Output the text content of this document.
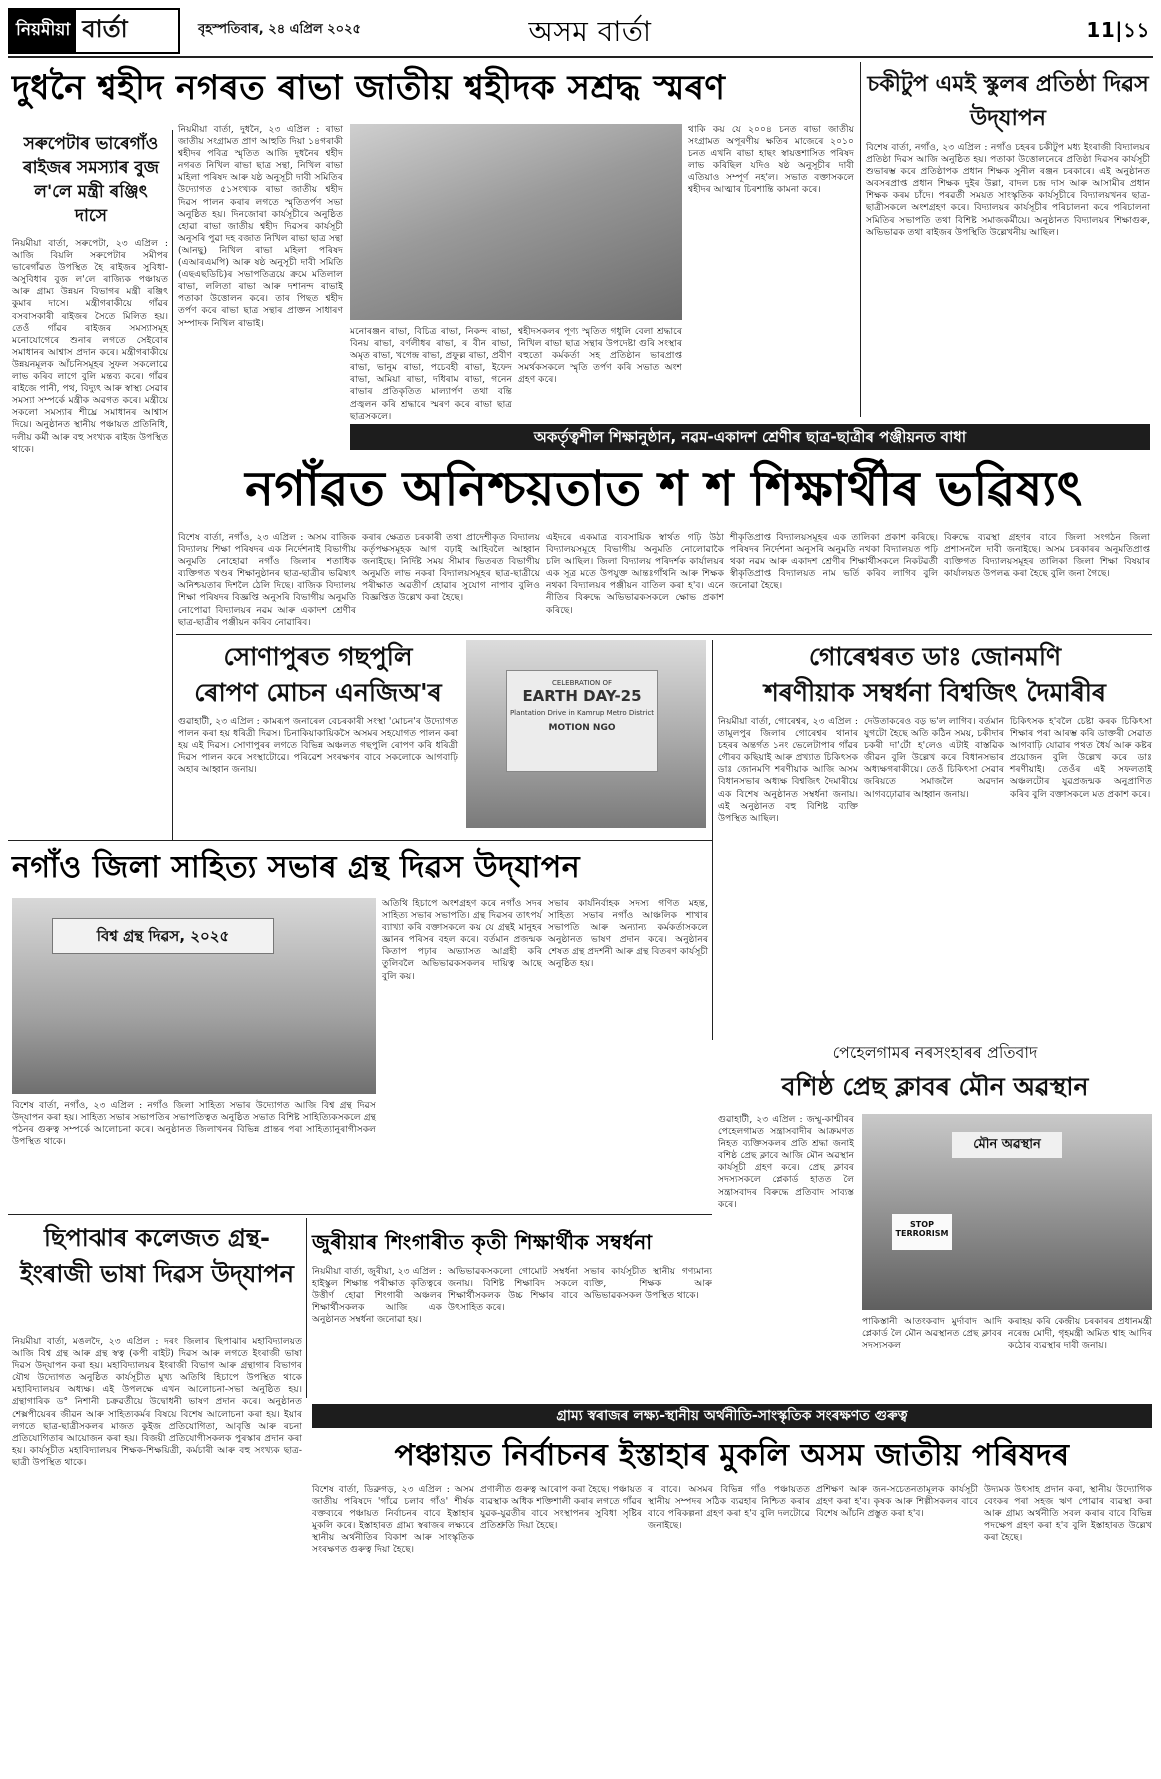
নিয়মীয়া বাৰ্তা	বৃহস্পতিবাৰ, ২৪ এপ্ৰিল ২০২৫	অসম বাৰ্তা	11|১১
দুধনৈ শ্বহীদ নগৰত ৰাভা জাতীয় শ্বহীদক সশ্ৰদ্ধ স্মৰণ
সৰুপেটাৰ ভাৰেগাঁও ৰাইজৰ সমস্যাৰ বুজ ল'লে মন্ত্ৰী ৰঞ্জিৎ দাসে
নিয়মীয়া বাৰ্তা, সৰুপেটা, ২৩ এপ্ৰিল : আজি বিয়লি সৰুপেটাৰ সমীপৰ ভাৰেগাঁৱত উপস্থিত হৈ ৰাইজৰ সুবিধা-অসুবিধাৰ বুজ ল'লে ৰাজ্যিক পঞ্চায়ত আৰু গ্ৰাম্য উন্নয়ন বিভাগৰ মন্ত্ৰী ৰঞ্জিৎ কুমাৰ দাসে। মন্ত্ৰীগৰাকীয়ে গাঁৱৰ বসবাসকাৰী ৰাইজৰ সৈতে মিলিত হয়। তেওঁ গাঁৱৰ ৰাইজৰ সমস্যাসমূহ মনোযোগেৰে শুনাৰ লগতে সেইবোৰ সমাধানৰ আশ্বাস প্ৰদান কৰে। মন্ত্ৰীগৰাকীয়ে উন্নয়নমূলক আঁচনিসমূহৰ সুফল সকলোৱে লাভ কৰিব লাগে বুলি মন্তব্য কৰে। গাঁৱৰ ৰাইজে পানী, পথ, বিদ্যুৎ আৰু স্বাস্থ্য সেৱাৰ সমস্যা সম্পৰ্কে মন্ত্ৰীক অৱগত কৰে। মন্ত্ৰীয়ে সকলো সমস্যাৰ শীঘ্ৰে সমাধানৰ আশ্বাস দিয়ে। অনুষ্ঠানত স্থানীয় পঞ্চায়ত প্ৰতিনিধি, দলীয় কৰ্মী আৰু বহু সংখ্যক ৰাইজ উপস্থিত থাকে।
নিয়মীয়া বাৰ্তা, দুধনৈ, ২৩ এপ্ৰিল : ৰাভা জাতীয় সংগ্ৰামত প্ৰাণ আহুতি দিয়া ১৪গৰাকী শ্বহীদৰ পবিত্ৰ স্মৃতিত আজি দুধনৈৰ শ্বহীদ নগৰত নিখিল ৰাভা ছাত্ৰ সন্থা, নিখিল ৰাভা মহিলা পৰিষদ আৰু যষ্ঠ অনুসূচী দাবী সমিতিৰ উদ্যোগত ৫১সংখ্যক ৰাভা জাতীয় শ্বহীদ দিৱস পালন কৰাৰ লগতে স্মৃতিতৰ্পণ সভা অনুষ্ঠিত হয়। দিনজোৰা কাৰ্যসূচীৰে অনুষ্ঠিত হোৱা ৰাভা জাতীয় শ্বহীদ দিৱসৰ কাৰ্যসূচী অনুসৰি পুৱা দহ বজাত নিখিল ৰাভা ছাত্ৰ সন্থা (আনছু) নিখিল ৰাভা মহিলা পৰিষদ (এআৰএমপি) আৰু ষষ্ঠ অনুসূচী দাবী সমিতি (এছএছডিচি)ৰ সভাপতিত্ৰয়ে ক্ৰমে মতিলাল ৰাভা, ললিতা ৰাভা আৰু দশানন্দ ৰাভাই পতাকা উত্তোলন কৰে। তাৰ পিছত শ্বহীদ তৰ্পণ কৰে ৰাভা ছাত্ৰ সন্থাৰ প্ৰাক্তন সাধাৰণ সম্পাদক নিখিল ৰাভাই।
মনোৰঞ্জন ৰাভা, বিচিত্ৰ ৰাভা, নিকন্দ ৰাভা, বিনয় ৰাভা, বৰ্ণলীধৰ ৰাভা, ৰ বীন ৰাভা, অমৃত ৰাভা, খগেন্দ্ৰ ৰাভা, প্ৰফুল্ল ৰাভা, প্ৰবীণ ৰাভা, ভানুম ৰাভা, পচেবহী ৰাভা, ইফেদ ৰাভা, অমিয়া ৰাভা, দধিৰাম ৰাভা, গনেন ৰাভাৰ প্ৰতিকৃতিত মাল্যাৰ্পণ তথা বন্তি প্ৰজ্বলন কৰি শ্ৰদ্ধাৰে স্মৰণ কৰে ৰাভা ছাত্ৰ ছাত্ৰসকলে।
শ্বহীদসকলৰ পূণ্য স্মৃতিত গধুলি বেলা শ্ৰদ্ধাৰে নিখিল ৰাভা ছাত্ৰ সন্থাৰ উপদেষ্টা গুৰি সংস্থাৰ বহুতো কৰ্মকৰ্তা সহ প্ৰতিষ্ঠান ভাৰপ্ৰাপ্ত সমৰ্থকসকলে স্মৃতি তৰ্পণ কৰি সভাত অংশ গ্ৰহণ কৰে।
থাকি কয় যে ২০০৪ চনত ৰাভা জাতীয় সংগ্ৰামত অপূৰণীয় ক্ষতিৰ মাজেৰে ২০১০ চনত এখনি ৰাভা হাছং স্বায়ত্তশাসিত পৰিষদ লাভ কৰিছিল যদিও ষষ্ঠ অনুসূচীৰ দাবী এতিয়াও সম্পূৰ্ণ নহ'ল। সভাত বক্তাসকলে শ্বহীদৰ আত্মাৰ চিৰশান্তি কামনা কৰে।
চকীটুপ এমই স্কুলৰ প্ৰতিষ্ঠা দিৱস উদ্‌যাপন
বিশেষ বাৰ্তা, নগাঁও, ২৩ এপ্ৰিল : নগাঁও চহৰৰ চকীটুপ মধ্য ইংৰাজী বিদ্যালয়ৰ প্ৰতিষ্ঠা দিৱস আজি অনুষ্ঠিত হয়। পতাকা উত্তোলনেৰে প্ৰতিষ্ঠা দিৱসৰ কাৰ্যসূচী শুভাৰম্ভ কৰে প্ৰতিষ্ঠাপক প্ৰধান শিক্ষক সুনীল ৰঞ্জন চৰকাৰে। এই অনুষ্ঠানত অবসৰপ্ৰাপ্ত প্ৰধান শিক্ষক দুইৰ উল্লা, বাদল চন্দ্ৰ দাস আৰু আসামীৰ প্ৰধান শিক্ষক কৰম চাঁদে। পৰৱৰ্তী সময়ত সাংস্কৃতিক কাৰ্যসূচীৰে বিদ্যালয়খনৰ ছাত্ৰ-ছাত্ৰীসকলে অংশগ্ৰহণ কৰে। বিদ্যালয়ৰ কাৰ্যসূচীৰ পৰিচালনা কৰে পৰিচালনা সমিতিৰ সভাপতি তথা বিশিষ্ট সমাজকৰ্মীয়ে। অনুষ্ঠানত বিদ্যালয়ৰ শিক্ষাগুৰু, অভিভাৱক তথা ৰাইজৰ উপস্থিতি উল্লেখনীয় আছিল।
অকৰ্তৃত্বশীল শিক্ষানুষ্ঠান, নৱম-একাদশ শ্ৰেণীৰ ছাত্ৰ-ছাত্ৰীৰ পঞ্জীয়নত বাধা
নগাঁৱত অনিশ্চয়তাত শ শ শিক্ষাৰ্থীৰ ভৱিষ্যৎ
বিশেষ বাৰ্তা, নগাঁও, ২৩ এপ্ৰিল : অসম বাজিক বিদ্যালয় শিক্ষা পৰিষদৰ এক নিৰ্দেশনাই বিভাগীয় অনুমতি নোহোৱা নগাঁও জিলাৰ শতাধিক ব্যক্তিগত খণ্ডৰ শিক্ষানুষ্ঠানৰ ছাত্ৰ-ছাত্ৰীৰ ভৱিষ্যৎ অনিশ্চয়তাৰ দিশলৈ ঠেলি দিছে। বাজিক বিদ্যালয় শিক্ষা পৰিষদৰ বিজ্ঞপ্তি অনুসৰি বিভাগীয় অনুমতি নোপোৱা বিদ্যালয়ৰ নৱম আৰু একাদশ শ্ৰেণীৰ ছাত্ৰ-ছাত্ৰীৰ পঞ্জীয়ন কৰিব নোৱাৰিব।
কৰাৰ ক্ষেত্ৰত চৰকাৰী তথা প্ৰাদেশীকৃত বিদ্যালয় কৰ্তৃপক্ষসমূহক আগ বঢ়াই আহিবলৈ আহ্বান জনাইছে। নিৰ্দিষ্ট সময় সীমাৰ ভিতৰত বিভাগীয় অনুমতি লাভ নকৰা বিদ্যালয়সমূহৰ ছাত্ৰ-ছাত্ৰীয়ে পৰীক্ষাত অৱতীৰ্ণ হোৱাৰ সুযোগ নাপাব বুলিও বিজ্ঞপ্তিত উল্লেখ কৰা হৈছে।
এইদৰে একমাত্ৰ ব্যবসায়িক স্বাৰ্থত গঢ়ি উঠা বিদ্যালয়সমূহে বিভাগীয় অনুমতি নোলোৱাকৈ চলি আছিল। জিলা বিদ্যালয় পৰিদৰ্শক কাৰ্যালয়ৰ এক সূত্ৰ মতে উপযুক্ত আন্তঃগাঁথনি আৰু শিক্ষক নথকা বিদ্যালয়ৰ পঞ্জীয়ন বাতিল কৰা হ'ব। এনে নীতিৰ বিৰুদ্ধে অভিভাৱকসকলে ক্ষোভ প্ৰকাশ কৰিছে।
শীকৃতিপ্ৰাপ্ত বিদ্যালয়সমূহৰ এক তালিকা প্ৰকাশ কৰিছে। পৰিষদৰ নিৰ্দেশনা অনুসৰি অনুমতি নথকা বিদ্যালয়ত পঢ়ি থকা নৱম আৰু একাদশ শ্ৰেণীৰ শিক্ষাৰ্থীসকলে নিকটৱৰ্তী স্বীকৃতিপ্ৰাপ্ত বিদ্যালয়ত নাম ভৰ্তি কৰিব লাগিব বুলি জনোৱা হৈছে।
বিৰুদ্ধে ব্যৱস্থা গ্ৰহণৰ বাবে জিলা সংগঠন জিলা প্ৰশাসনলৈ দাবী জনাইছে। অসম চৰকাৰৰ অনুমতিপ্ৰাপ্ত ব্যক্তিগত বিদ্যালয়সমূহৰ তালিকা জিলা শিক্ষা বিষয়াৰ কাৰ্যালয়ত উপলব্ধ কৰা হৈছে বুলি জনা গৈছে।
সোণাপুৰত গছপুলি
ৰোপণ মোচন এনজিঅ'ৰ
গুৱাহাটী, ২৩ এপ্ৰিল : কামৰূপ জনাৰেল বেচৰকাৰী সংস্থা 'মোচন'ৰ উদ্যোগত পালন কৰা হয় ধৰিত্ৰী দিৱস। চিনাকিয়াকায়িকসৈ অসমৰ সহযোগত পালন কৰা হয় এই দিৱস। সোণাপুৰৰ লগতে বিভিন্ন অঞ্চলত গছপুলি ৰোপণ কৰি ধৰিত্ৰী দিৱস পালন কৰে সংস্থাটোৱে। পৰিৱেশ সংৰক্ষণৰ বাবে সকলোকে আগবাঢ়ি অহাৰ আহ্বান জনায়।
CELEBRATION OF
EARTH DAY-25
Plantation Drive in Kamrup Metro District
MOTION NGO
গোৰেশ্বৰত ডাঃ জোনমণি
শৰণীয়াক সম্বৰ্ধনা বিশ্বজিৎ দৈমাৰীৰ
নিয়মীয়া বাৰ্তা, গোৰেশ্বৰ, ২৩ এপ্ৰিল : তামুলপুৰ জিলাৰ গোৰেশ্বৰ থানাৰ চহৰৰ অন্তৰ্গত ১নং ভেলেটাপাৰ গাঁৱৰ গৌৰব কছিয়াই আৰু প্ৰখ্যাত চিকিৎসক ডাঃ জোনমণি শৰণীয়াক আজি অসম বিধানসভাৰ অধ্যক্ষ বিশ্বজিৎ দৈমাৰীয়ে এক বিশেষ অনুষ্ঠানত সম্বৰ্ধনা জনায়। এই অনুষ্ঠানত বহু বিশিষ্ট ব্যক্তি উপস্থিত আছিল।
দেউতাকৰেও বড় ভ'ল লাগিব। বৰ্তমান যুগটো হৈছে অতি কঠিন সময়, চকীদাৰ চকৰী দা'ৰ্টো হ'লেও এটাই বাস্তৱিক জীৱন বুলি উল্লেখ কৰে বিধানসভাৰ অধ্যক্ষগৰাকীয়ে। তেওঁ চিকিৎসা সেৱাৰ জৰিয়তে সমাজলৈ অৱদান আগবঢ়োৱাৰ আহ্বান জনায়।
চিকিৎসক হ'বলৈ চেষ্টা কৰক চিকিৎসা শিক্ষাৰ পৰা আৰম্ভ কৰি ডাক্তৰী সেৱাত আগবাঢ়ি যোৱাৰ পথত ধৈৰ্য আৰু কষ্টৰ প্ৰয়োজন বুলি উল্লেখ কৰে ডাঃ শৰণীয়াই। তেওঁৰ এই সফলতাই অঞ্চলটোৰ যুৱপ্ৰজন্মক অনুপ্ৰাণিত কৰিব বুলি বক্তাসকলে মত প্ৰকাশ কৰে।
নগাঁও জিলা সাহিত্য সভাৰ গ্ৰন্থ দিৱস উদ্‌যাপন
বিশ্ব গ্ৰন্থ দিৱস, ২০২৫
বিশেষ বাৰ্তা, নগাঁও, ২৩ এপ্ৰিল : নগাঁও জিলা সাহিত্য সভাৰ উদ্যোগত আজি বিশ্ব গ্ৰন্থ দিৱস উদ্‌যাপন কৰা হয়। সাহিত্য সভাৰ সভাপতিৰ সভাপতিত্বত অনুষ্ঠিত সভাত বিশিষ্ট সাহিত্যিকসকলে গ্ৰন্থ পঠনৰ গুৰুত্ব সম্পৰ্কে আলোচনা কৰে। অনুষ্ঠানত জিলাখনৰ বিভিন্ন প্ৰান্তৰ পৰা সাহিত্যানুৰাগীসকল উপস্থিত থাকে।
অতিথি হিচাপে অংশগ্ৰহণ কৰে নগাঁও সদৰ সাহিত্য সভাৰ সভাপতি। গ্ৰন্থ দিৱসৰ তাৎপৰ্য ব্যাখ্যা কৰি বক্তাসকলে কয় যে গ্ৰন্থই মানুহৰ জ্ঞানৰ পৰিসৰ বহল কৰে। বৰ্তমান প্ৰজন্মক কিতাপ পঢ়াৰ অভ্যাসত আগ্ৰহী কৰি তুলিবলৈ অভিভাৱকসকলৰ দায়িত্ব আছে বুলি কয়।
সভাৰ কাৰ্যনিৰ্বাহক সদস্য গণিত মহন্ত, সাহিত্য সভাৰ নগাঁও আঞ্চলিক শাখাৰ সভাপতি আৰু অন্যান্য কৰ্মকৰ্তাসকলে অনুষ্ঠানত ভাষণ প্ৰদান কৰে। অনুষ্ঠানৰ শেষত গ্ৰন্থ প্ৰদৰ্শনী আৰু গ্ৰন্থ বিতৰণ কাৰ্যসূচী অনুষ্ঠিত হয়।
পেহেলগামৰ নৰসংহাৰৰ প্ৰতিবাদ
বশিষ্ঠ প্ৰেছ ক্লাবৰ মৌন অৱস্থান
গুৱাহাটী, ২৩ এপ্ৰিল : জম্মু-কাশ্মীৰৰ পেহেলগামত সন্ত্ৰাসবাদীৰ আক্ৰমণত নিহত ব্যক্তিসকলৰ প্ৰতি শ্ৰদ্ধা জনাই বশিষ্ঠ প্ৰেছ ক্লাবে আজি মৌন অৱস্থান কাৰ্যসূচী গ্ৰহণ কৰে। প্ৰেছ ক্লাবৰ সদস্যসকলে প্লেকাৰ্ড হাতত লৈ সন্ত্ৰাসবাদৰ বিৰুদ্ধে প্ৰতিবাদ সাব্যস্ত কৰে।
মৌন অৱস্থান
STOP TERRORISM
পাকিস্তানী আতংকবাদ মুৰ্দাবাদ আদি প্লেকাৰ্ড লৈ মৌন অৱস্থানত প্ৰেছ ক্লাবৰ সদস্যসকল
কৰাহয় কৰি কেন্দ্ৰীয় চৰকাৰৰ প্ৰধানমন্ত্ৰী নৰেন্দ্ৰ মোদী, গৃহমন্ত্ৰী অমিত শ্বাহ আদিৰ কঠোৰ ব্যৱস্থাৰ দাবী জনায়।
ছিপাঝাৰ কলেজত গ্ৰন্থ-ইংৰাজী ভাষা দিৱস উদ্‌যাপন
নিয়মীয়া বাৰ্তা, মঙলদৈ, ২৩ এপ্ৰিল : দৰং জিলাৰ ছিপাঝাৰ মহাবিদ্যালয়ত আজি বিশ্ব গ্ৰন্থ আৰু গ্ৰন্থ স্বত্ব (কপী ৰাইট) দিৱস আৰু লগতে ইংৰাজী ভাষা দিৱস উদ্‌যাপন কৰা হয়। মহাবিদ্যালয়ৰ ইংৰাজী বিভাগ আৰু গ্ৰন্থাগাৰ বিভাগৰ যৌথ উদ্যোগত অনুষ্ঠিত কাৰ্যসূচীত মুখ্য অতিথি হিচাপে উপস্থিত থাকে মহাবিদ্যালয়ৰ অধ্যক্ষ। এই উপলক্ষে এখন আলোচনা-সভা অনুষ্ঠিত হয়। গ্ৰন্থাগাৰিক ড° নিশানী চক্ৰৱৰ্তীয়ে উদ্বোধনী ভাষণ প্ৰদান কৰে। অনুষ্ঠানত শেক্সপীয়েৰৰ জীৱন আৰু সাহিত্যকৰ্মৰ বিষয়ে বিশেষ আলোচনা কৰা হয়। ইয়াৰ লগতে ছাত্ৰ-ছাত্ৰীসকলৰ মাজত কুইজ প্ৰতিযোগিতা, আবৃত্তি আৰু ৰচনা প্ৰতিযোগিতাৰ আয়োজন কৰা হয়। বিজয়ী প্ৰতিযোগীসকলক পুৰস্কাৰ প্ৰদান কৰা হয়। কাৰ্যসূচীত মহাবিদ্যালয়ৰ শিক্ষক-শিক্ষয়িত্ৰী, কৰ্মচাৰী আৰু বহু সংখ্যক ছাত্ৰ-ছাত্ৰী উপস্থিত থাকে।
জুৰীয়াৰ শিংগাৰীত কৃতী শিক্ষাৰ্থীক সম্বৰ্ধনা
নিয়মীয়া বাৰ্তা, জুৰীয়া, ২৩ এপ্ৰিল : হাইস্কুল শিক্ষান্ত পৰীক্ষাত কৃতিত্বৰে উত্তীৰ্ণ হোৱা শিংগাৰী অঞ্চলৰ শিক্ষাৰ্থীসকলক আজি এক অনুষ্ঠানত সম্বৰ্ধনা জনোৱা হয়।
অভিভাৱকসকলো গোমোট সম্বৰ্ধনা জনায়। বিশিষ্ট শিক্ষাবিদ সকলে শিক্ষাৰ্থীসকলক উচ্চ শিক্ষাৰ বাবে উৎসাহিত কৰে।
সভাৰ কাৰ্যসূচীত স্থানীয় গণ্যমান্য ব্যক্তি, শিক্ষক আৰু অভিভাৱকসকল উপস্থিত থাকে।
গ্ৰাম্য স্বৰাজৰ লক্ষ্য-স্থানীয় অৰ্থনীতি-সাংস্কৃতিক সংৰক্ষণত গুৰুত্ব
পঞ্চায়ত নিৰ্বাচনৰ ইস্তাহাৰ মুকলি অসম জাতীয় পৰিষদৰ
বিশেষ বাৰ্তা, ডিব্ৰুগড়, ২৩ এপ্ৰিল : অসম জাতীয় পৰিষদে 'গাঁৱে চলাব গাঁও' শীৰ্ষক বক্তব্যৰে পঞ্চায়ত নিৰ্বাচনৰ বাবে ইস্তাহাৰ মুকলি কৰে। ইস্তাহাৰত গ্ৰাম্য স্বৰাজৰ লক্ষ্যৰে স্থানীয় অৰ্থনীতিৰ বিকাশ আৰু সাংস্কৃতিক সংৰক্ষণত গুৰুত্ব দিয়া হৈছে।
প্ৰণালীত গুৰুত্ব আৰোপ কৰা হৈছে। পঞ্চায়ত ব্যৱস্থাক অধিক শক্তিশালী কৰাৰ লগতে গাঁৱৰ যুৱক-যুৱতীৰ বাবে সংস্থাপনৰ সুবিধা সৃষ্টিৰ প্ৰতিশ্ৰুতি দিয়া হৈছে।
ৰ বাবে। অসমৰ বিভিন্ন গাঁও পঞ্চায়তত স্থানীয় সম্পদৰ সঠিক ব্যৱহাৰ নিশ্চিত কৰাৰ বাবে পৰিকল্পনা গ্ৰহণ কৰা হ'ব বুলি দলটোৱে জনাইছে।
প্ৰশিক্ষণ আৰু জন-সচেতনতামূলক কাৰ্যসূচী গ্ৰহণ কৰা হ'ব। কৃষক আৰু শিল্পীসকলৰ বাবে বিশেষ আঁচনি প্ৰস্তুত কৰা হ'ব।
উদ্যমক উৎসাহ প্ৰদান কৰা, স্থানীয় উদ্যোগিক বেংকৰ পৰা সহজ ঋণ পোৱাৰ ব্যৱস্থা কৰা আৰু গ্ৰাম্য অৰ্থনীতি সবল কৰাৰ বাবে বিভিন্ন পদক্ষেপ গ্ৰহণ কৰা হ'ব বুলি ইস্তাহাৰত উল্লেখ কৰা হৈছে।
